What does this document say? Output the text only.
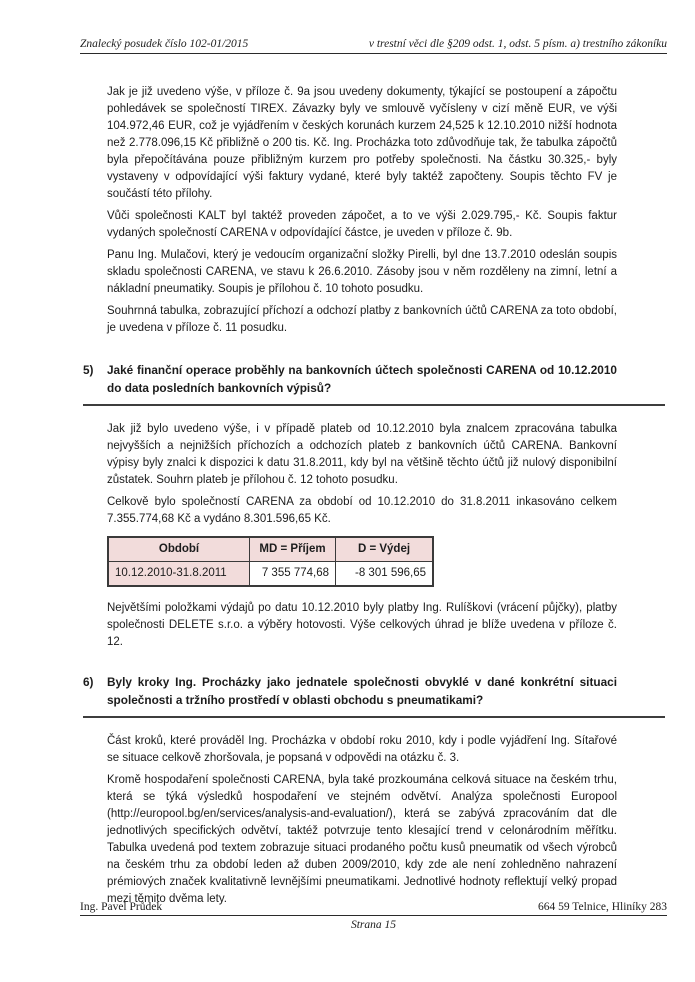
Znalecký posudek číslo 102-01/2015	v trestní věci dle §209 odst. 1, odst. 5 písm. a) trestního zákoníku

Jak je již uvedeno výše, v příloze č. 9a jsou uvedeny dokumenty, týkající se postoupení a zápočtu pohledávek se společností TIREX. Závazky byly ve smlouvě vyčísleny v cizí měně EUR, ve výši 104.972,46 EUR, což je vyjádřením v českých korunách kurzem 24,525 k 12.10.2010 nižší hodnota než 2.778.096,15 Kč přibližně o 200 tis. Kč. Ing. Procházka toto zdůvodňuje tak, že tabulka zápočtů byla přepočítávána pouze přibližným kurzem pro potřeby společnosti. Na částku 30.325,- byly vystaveny v odpovídající výši faktury vydané, které byly taktéž započteny. Soupis těchto FV je součástí této přílohy.

Vůči společnosti KALT byl taktéž proveden zápočet, a to ve výši 2.029.795,- Kč. Soupis faktur vydaných společností CARENA v odpovídající částce, je uveden v příloze č. 9b.

Panu Ing. Mulačovi, který je vedoucím organizační složky Pirelli, byl dne 13.7.2010 odeslán soupis skladu společnosti CARENA, ve stavu k 26.6.2010. Zásoby jsou v něm rozděleny na zimní, letní a nákladní pneumatiky. Soupis je přílohou č. 10 tohoto posudku.

Souhrnná tabulka, zobrazující příchozí a odchozí platby z bankovních účtů CARENA za toto období, je uvedena v příloze č. 11 posudku.

5)	Jaké finanční operace proběhly na bankovních účtech společnosti CARENA od 10.12.2010 do data posledních bankovních výpisů?

Jak již bylo uvedeno výše, i v případě plateb od 10.12.2010 byla znalcem zpracována tabulka nejvyšších a nejnižších příchozích a odchozích plateb z bankovních účtů CARENA. Bankovní výpisy byly znalci k dispozici k datu 31.8.2011, kdy byl na většině těchto účtů již nulový disponibilní zůstatek. Souhrn plateb je přílohou č. 12 tohoto posudku.

Celkově bylo společností CARENA za období od 10.12.2010 do 31.8.2011 inkasováno celkem 7.355.774,68 Kč a vydáno 8.301.596,65 Kč.

Období	MD = Příjem	D = Výdej
10.12.2010-31.8.2011	7 355 774,68	-8 301 596,65

Největšími položkami výdajů po datu 10.12.2010 byly platby Ing. Rulíškovi (vrácení půjčky), platby společnosti DELETE s.r.o. a výběry hotovosti. Výše celkových úhrad je blíže uvedena v příloze č. 12.

6)	Byly kroky Ing. Procházky jako jednatele společnosti obvyklé v dané konkrétní situaci společnosti a tržního prostředí v oblasti obchodu s pneumatikami?

Část kroků, které prováděl Ing. Procházka v období roku 2010, kdy i podle vyjádření Ing. Sítařové se situace celkově zhoršovala, je popsaná v odpovědi na otázku č. 3.

Kromě hospodaření společnosti CARENA, byla také prozkoumána celková situace na českém trhu, která se týká výsledků hospodaření ve stejném odvětví. Analýza společnosti Europool (http://europool.bg/en/services/analysis-and-evaluation/), která se zabývá zpracováním dat dle jednotlivých specifických odvětví, taktéž potvrzuje tento klesající trend v celonárodním měřítku. Tabulka uvedená pod textem zobrazuje situaci prodaného počtu kusů pneumatik od všech výrobců na českém trhu za období leden až duben 2009/2010, kdy zde ale není zohledněno nahrazení prémiových značek kvalitativně levnějšími pneumatikami. Jednotlivé hodnoty reflektují velký propad mezi těmito dvěma lety.

Ing. Pavel Průdek	664 59 Telnice, Hliníky 283
Strana 15
